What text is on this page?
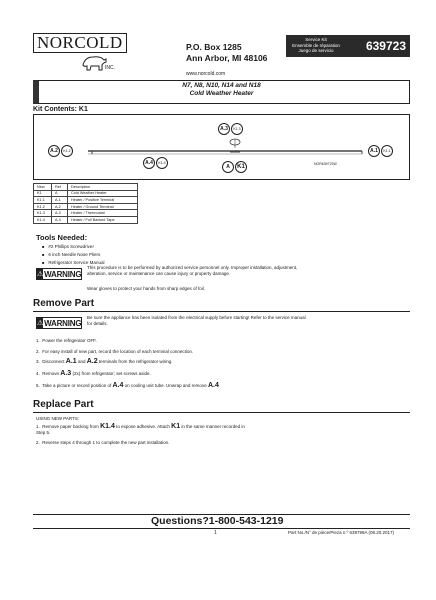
NORCOLD
INC.
P.O. Box 1285
Ann Arbor, MI 48106
www.norcold.com
Service Kit
Ensemble de réparation
Juego de servicio	639723
N7, N8, N10, N14 and N18
Cold Weather Heater
Kit Contents: K1
A.3	K1.3
A.2	K1.2
A.4	K1.4
A	K1
A.1	K1.1
NOR639723W
New	Ref	Description
K1	A	Cold Weather Heater
K1.1	A.1	Heater / Positive Terminal
K1.2	A.2	Heater / Ground Terminal
K1.3	A.3	Heater / Thermostat
K1.4	A.4	Heater / Foil Backed Tape
Tools Needed:
■ #2 Phillips Screwdriver
■ 6 inch Needle Nose Pliers
■ Refrigerator Service Manual
⚠ WARNING
This procedure is to be performed by authorized service personnel only. Improper installation, adjustment, alteration, service or maintenance can cause injury or property damage.
Wear gloves to protect your hands from sharp edges of foil.
Remove Part
⚠ WARNING
Be sure the appliance has been isolated from the electrical supply before starting! Refer to the service manual for details.
1. Power the refrigerator OFF.
2. For easy install of new part, record the location of each terminal connection.
3. Disconnect A.1 and A.2 terminals from the refrigerator wiring.
4. Remove A.3 (2x) from refrigerator; set screws aside.
5. Take a picture or record position of A.4 on cooling unit tube. Unwrap and remove A.4
Replace Part
USING NEW PARTS:
1. Remove paper backing from K1.4 to expose adhesive. Attach K1 in the same manner recorded in Step 5.
2. Reverse steps 4 through 1 to complete the new part installation.
Questions?1-800-543-1219
1	Part No./N° de pièce/Pieza n.º 639799A (08.20.2017)
